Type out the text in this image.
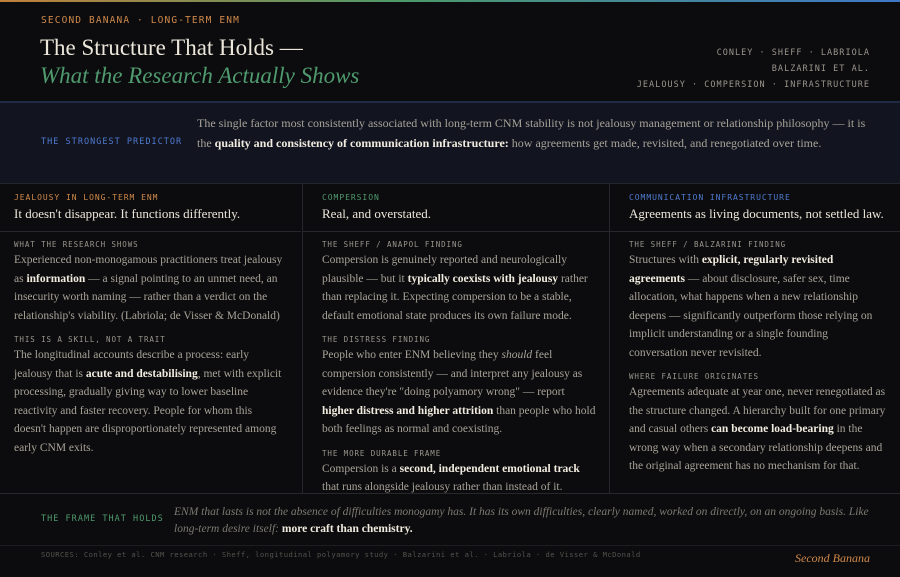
SECOND BANANA · LONG-TERM ENM
The Structure That Holds —
What the Research Actually Shows
CONLEY · SHEFF · LABRIOLA
BALZARINI ET AL.
JEALOUSY · COMPERSION · INFRASTRUCTURE
THE STRONGEST PREDICTOR

The single factor most consistently associated with long-term CNM stability is not jealousy management or relationship philosophy — it is the quality and consistency of communication infrastructure: how agreements get made, revisited, and renegotiated over time.

JEALOUSY IN LONG-TERM ENM
It doesn't disappear. It functions differently.
WHAT THE RESEARCH SHOWS

Experienced non-monogamous practitioners treat jealousy as information — a signal pointing to an unmet need, an insecurity worth naming — rather than a verdict on the relationship's viability. (Labriola; de Visser & McDonald)

THIS IS A SKILL, NOT A TRAIT

The longitudinal accounts describe a process: early jealousy that is acute and destabilising, met with explicit processing, gradually giving way to lower baseline reactivity and faster recovery. People for whom this doesn't happen are disproportionately represented among early CNM exits.

COMPERSION
Real, and overstated.
THE SHEFF / ANAPOL FINDING

Compersion is genuinely reported and neurologically plausible — but it typically coexists with jealousy rather than replacing it. Expecting compersion to be a stable, default emotional state produces its own failure mode.

THE DISTRESS FINDING

People who enter ENM believing they should feel compersion consistently — and interpret any jealousy as evidence they're "doing polyamory wrong" — report higher distress and higher attrition than people who hold both feelings as normal and coexisting.

THE MORE DURABLE FRAME

Compersion is a second, independent emotional track that runs alongside jealousy rather than instead of it.

COMMUNICATION INFRASTRUCTURE
Agreements as living documents, not settled law.
THE SHEFF / BALZARINI FINDING

Structures with explicit, regularly revisited agreements — about disclosure, safer sex, time allocation, what happens when a new relationship deepens — significantly outperform those relying on implicit understanding or a single founding conversation never revisited.

WHERE FAILURE ORIGINATES

Agreements adequate at year one, never renegotiated as the structure changed. A hierarchy built for one primary and casual others can become load-bearing in the wrong way when a secondary relationship deepens and the original agreement has no mechanism for that.

THE FRAME THAT HOLDS

ENM that lasts is not the absence of difficulties monogamy has. It has its own difficulties, clearly named, worked on directly, on an ongoing basis. Like long-term desire itself: more craft than chemistry.

SOURCES: Conley et al. CNM research · Sheff, longitudinal polyamory study · Balzarini et al. · Labriola · de Visser & McDonald	Second Banana
